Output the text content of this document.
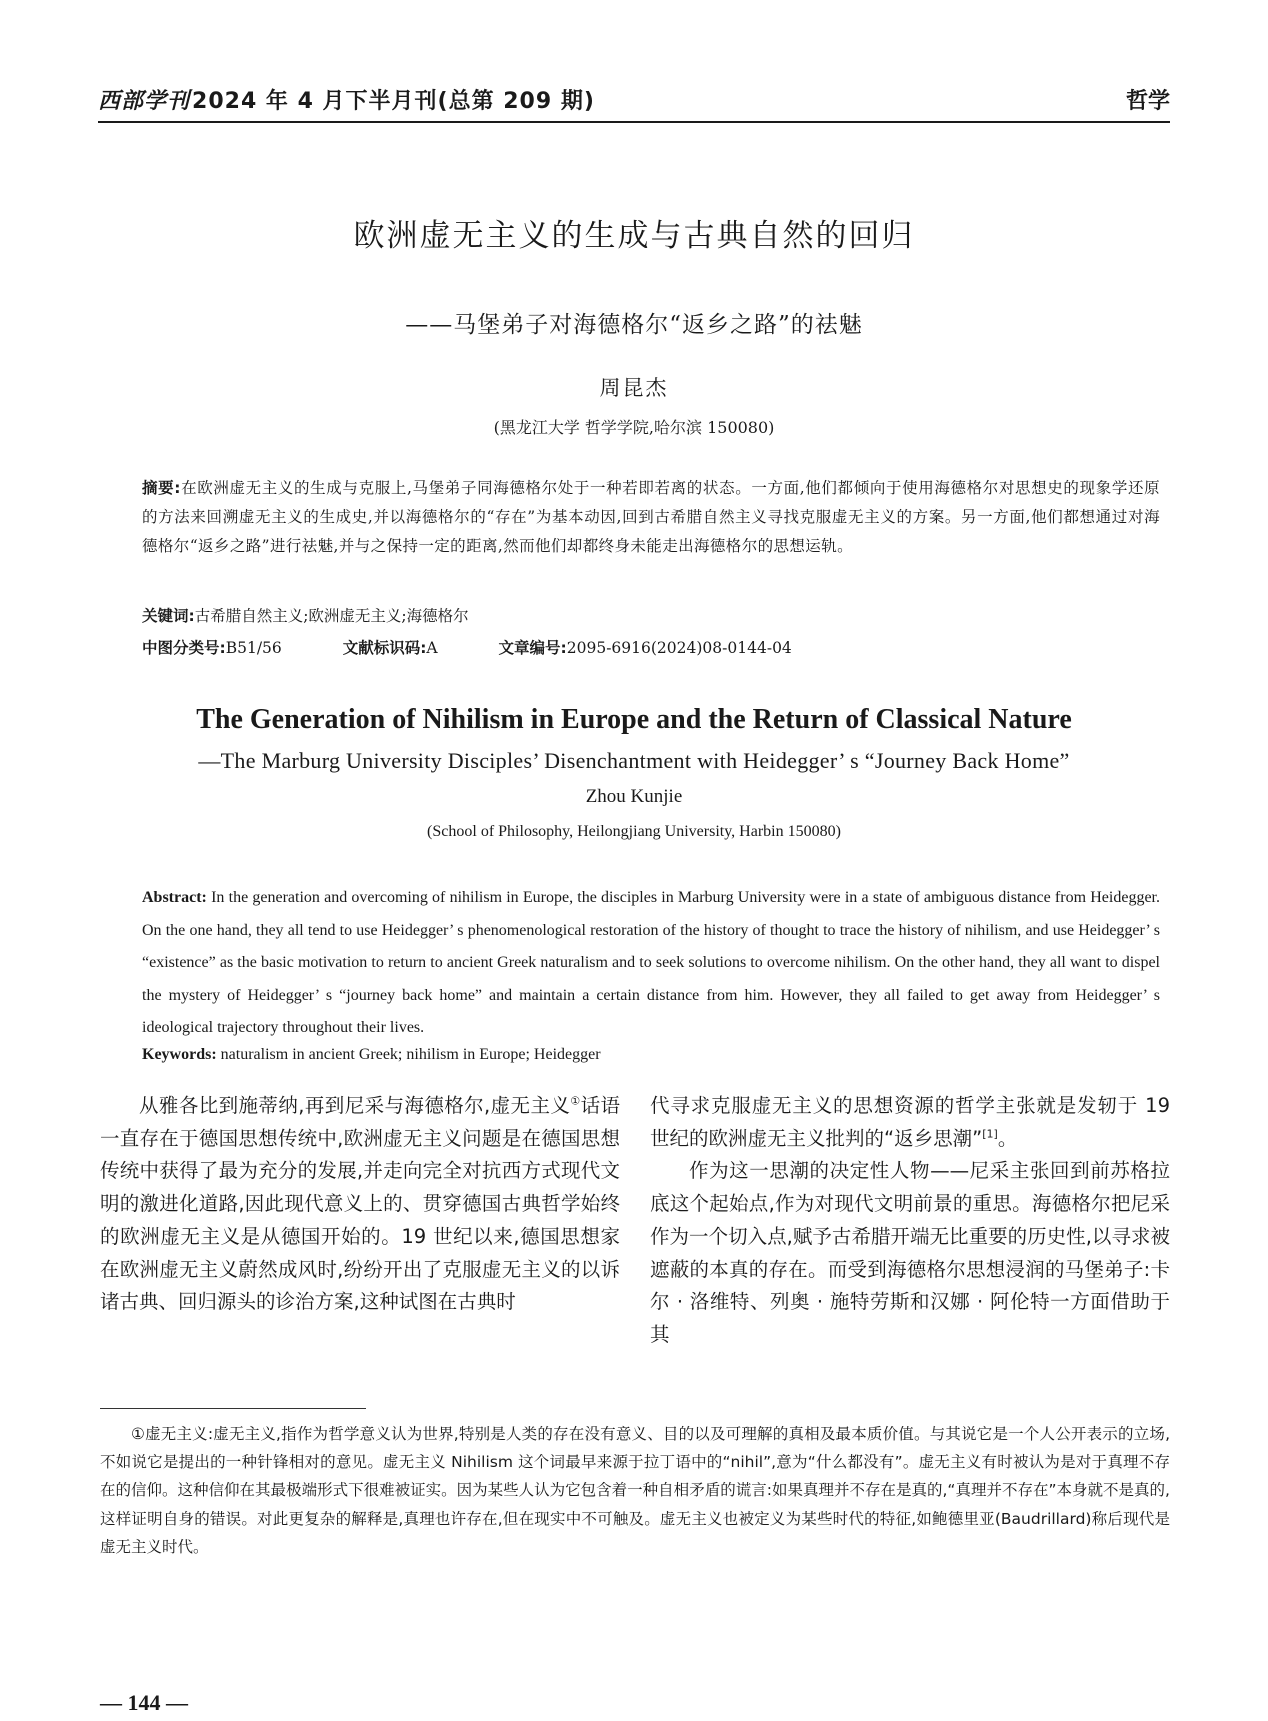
西部学刊2024 年 4 月下半月刊(总第 209 期)	哲学
欧洲虚无主义的生成与古典自然的回归
——马堡弟子对海德格尔“返乡之路”的祛魅
周昆杰
(黑龙江大学 哲学学院,哈尔滨 150080)
摘要:在欧洲虚无主义的生成与克服上,马堡弟子同海德格尔处于一种若即若离的状态。一方面,他们都倾向于使用海德格尔对思想史的现象学还原的方法来回溯虚无主义的生成史,并以海德格尔的“存在”为基本动因,回到古希腊自然主义寻找克服虚无主义的方案。另一方面,他们都想通过对海德格尔“返乡之路”进行祛魅,并与之保持一定的距离,然而他们却都终身未能走出海德格尔的思想运轨。
关键词:古希腊自然主义;欧洲虚无主义;海德格尔
中图分类号:B51/56	文献标识码:A	文章编号:2095-6916(2024)08-0144-04
The Generation of Nihilism in Europe and the Return of Classical Nature
—The Marburg University Disciples’ Disenchantment with Heidegger’ s “Journey Back Home”
Zhou Kunjie
(School of Philosophy, Heilongjiang University, Harbin 150080)
Abstract: In the generation and overcoming of nihilism in Europe, the disciples in Marburg University were in a state of ambiguous distance from Heidegger. On the one hand, they all tend to use Heidegger’ s phenomenological restoration of the history of thought to trace the history of nihilism, and use Heidegger’ s “existence” as the basic motivation to return to ancient Greek naturalism and to seek solutions to overcome nihilism. On the other hand, they all want to dispel the mystery of Heidegger’ s “journey back home” and maintain a certain distance from him. However, they all failed to get away from Heidegger’ s ideological trajectory throughout their lives.
Keywords: naturalism in ancient Greek; nihilism in Europe; Heidegger

从雅各比到施蒂纳,再到尼采与海德格尔,虚无主义①话语一直存在于德国思想传统中,欧洲虚无主义问题是在德国思想传统中获得了最为充分的发展,并走向完全对抗西方式现代文明的激进化道路,因此现代意义上的、贯穿德国古典哲学始终的欧洲虚无主义是从德国开始的。19 世纪以来,德国思想家在欧洲虚无主义蔚然成风时,纷纷开出了克服虚无主义的以诉诸古典、回归源头的诊治方案,这种试图在古典时

代寻求克服虚无主义的思想资源的哲学主张就是发轫于 19 世纪的欧洲虚无主义批判的“返乡思潮”[1]。

作为这一思潮的决定性人物——尼采主张回到前苏格拉底这个起始点,作为对现代文明前景的重思。海德格尔把尼采作为一个切入点,赋予古希腊开端无比重要的历史性,以寻求被遮蔽的本真的存在。而受到海德格尔思想浸润的马堡弟子:卡尔 · 洛维特、列奥 · 施特劳斯和汉娜 · 阿伦特一方面借助于其

①虚无主义:虚无主义,指作为哲学意义认为世界,特别是人类的存在没有意义、目的以及可理解的真相及最本质价值。与其说它是一个人公开表示的立场,不如说它是提出的一种针锋相对的意见。虚无主义 Nihilism 这个词最早来源于拉丁语中的“nihil”,意为“什么都没有”。虚无主义有时被认为是对于真理不存在的信仰。这种信仰在其最极端形式下很难被证实。因为某些人认为它包含着一种自相矛盾的谎言:如果真理并不存在是真的,“真理并不存在”本身就不是真的,这样证明自身的错误。对此更复杂的解释是,真理也许存在,但在现实中不可触及。虚无主义也被定义为某些时代的特征,如鲍德里亚(Baudrillard)称后现代是虚无主义时代。

— 144 —
